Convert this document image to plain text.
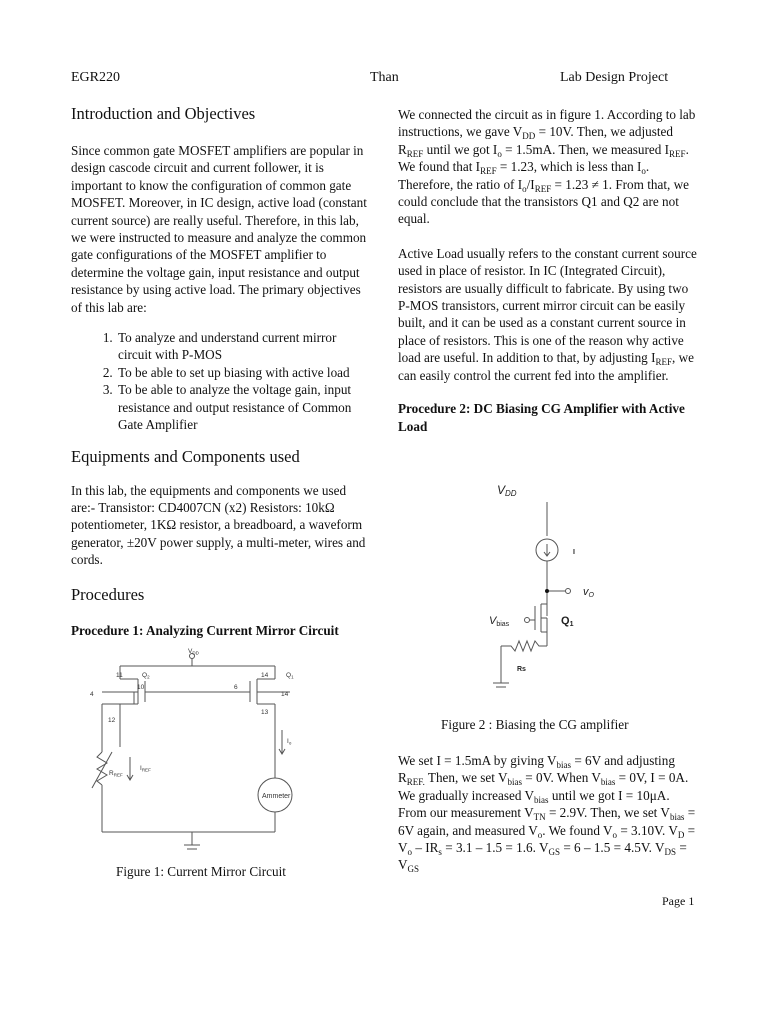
EGR220	Than	Lab Design Project
Introduction and Objectives

Since common gate MOSFET amplifiers are popular in design cascode circuit and current follower, it is important to know the configuration of common gate MOSFET. Moreover, in IC design, active load (constant current source) are really useful. Therefore, in this lab, we were instructed to measure and analyze the common gate configurations of the MOSFET amplifier to determine the voltage gain, input resistance and output resistance by using active load. The primary objectives of this lab are:

1. To analyze and understand current mirror circuit with P-MOS
2. To be able to set up biasing with active load
3. To be able to analyze the voltage gain, input resistance and output resistance of Common Gate Amplifier
Equipments and Components used

In this lab, the equipments and components we used are:- Transistor: CD4007CN (x2) Resistors: 10kΩ potentiometer, 1KΩ resistor, a breadboard, a waveform generator, ±20V power supply, a multi-meter, wires and cords.

Procedures
Procedure 1: Analyzing Current Mirror Circuit
$V_{DD}$
11	14
14
10	6
4
12
13
$Q_2$	$Q_1$
$I_o$
$R_{REF}$
$I_{REF}$
Ammeter
Figure 1: Current Mirror Circuit

We connected the circuit as in figure 1. According to lab instructions, we gave $V_{DD} = 10V$. Then, we adjusted $R_{REF}$ until we got $I_o = 1.5mA$. Then, we measured $I_{REF}$. We found that $I_{REF} = 1.23$, which is less than $I_o$. Therefore, the ratio of $I_o/I_{REF} = 1.23 \ne 1$. From that, we could conclude that the transistors Q1 and Q2 are not equal.

Active Load usually refers to the constant current source used in place of resistor. In IC (Integrated Circuit), resistors are usually difficult to fabricate. By using two P-MOS transistors, current mirror circuit can be easily built, and it can be used as a constant current source in place of resistors. This is one of the reason why active load are useful. In addition to that, by adjusting $I_{REF}$, we can easily control the current fed into the amplifier.

Procedure 2: DC Biasing CG Amplifier with Active Load
VDD
I
vO
Vbias	Q1
Rs
Figure 2 : Biasing the CG amplifier

We set I = 1.5mA by giving $V_{bias} = 6V$ and adjusting $R_{REF.}$ Then, we set $V_{bias} = 0V$. When $V_{bias} = 0V$, I = 0A. We gradually increased $V_{bias}$ until we got I = 10μA. From our measurement $V_{TN} = 2.9V$. Then, we set $V_{bias} = 6V$ again, and measured $V_o$. We found $V_o = 3.10V$. $V_D = V_o - IR_s = 3.1 - 1.5 = 1.6$. $V_{GS} = 6 - 1.5 = 4.5V$. $V_{DS} = V_{GS}$

Page 1
